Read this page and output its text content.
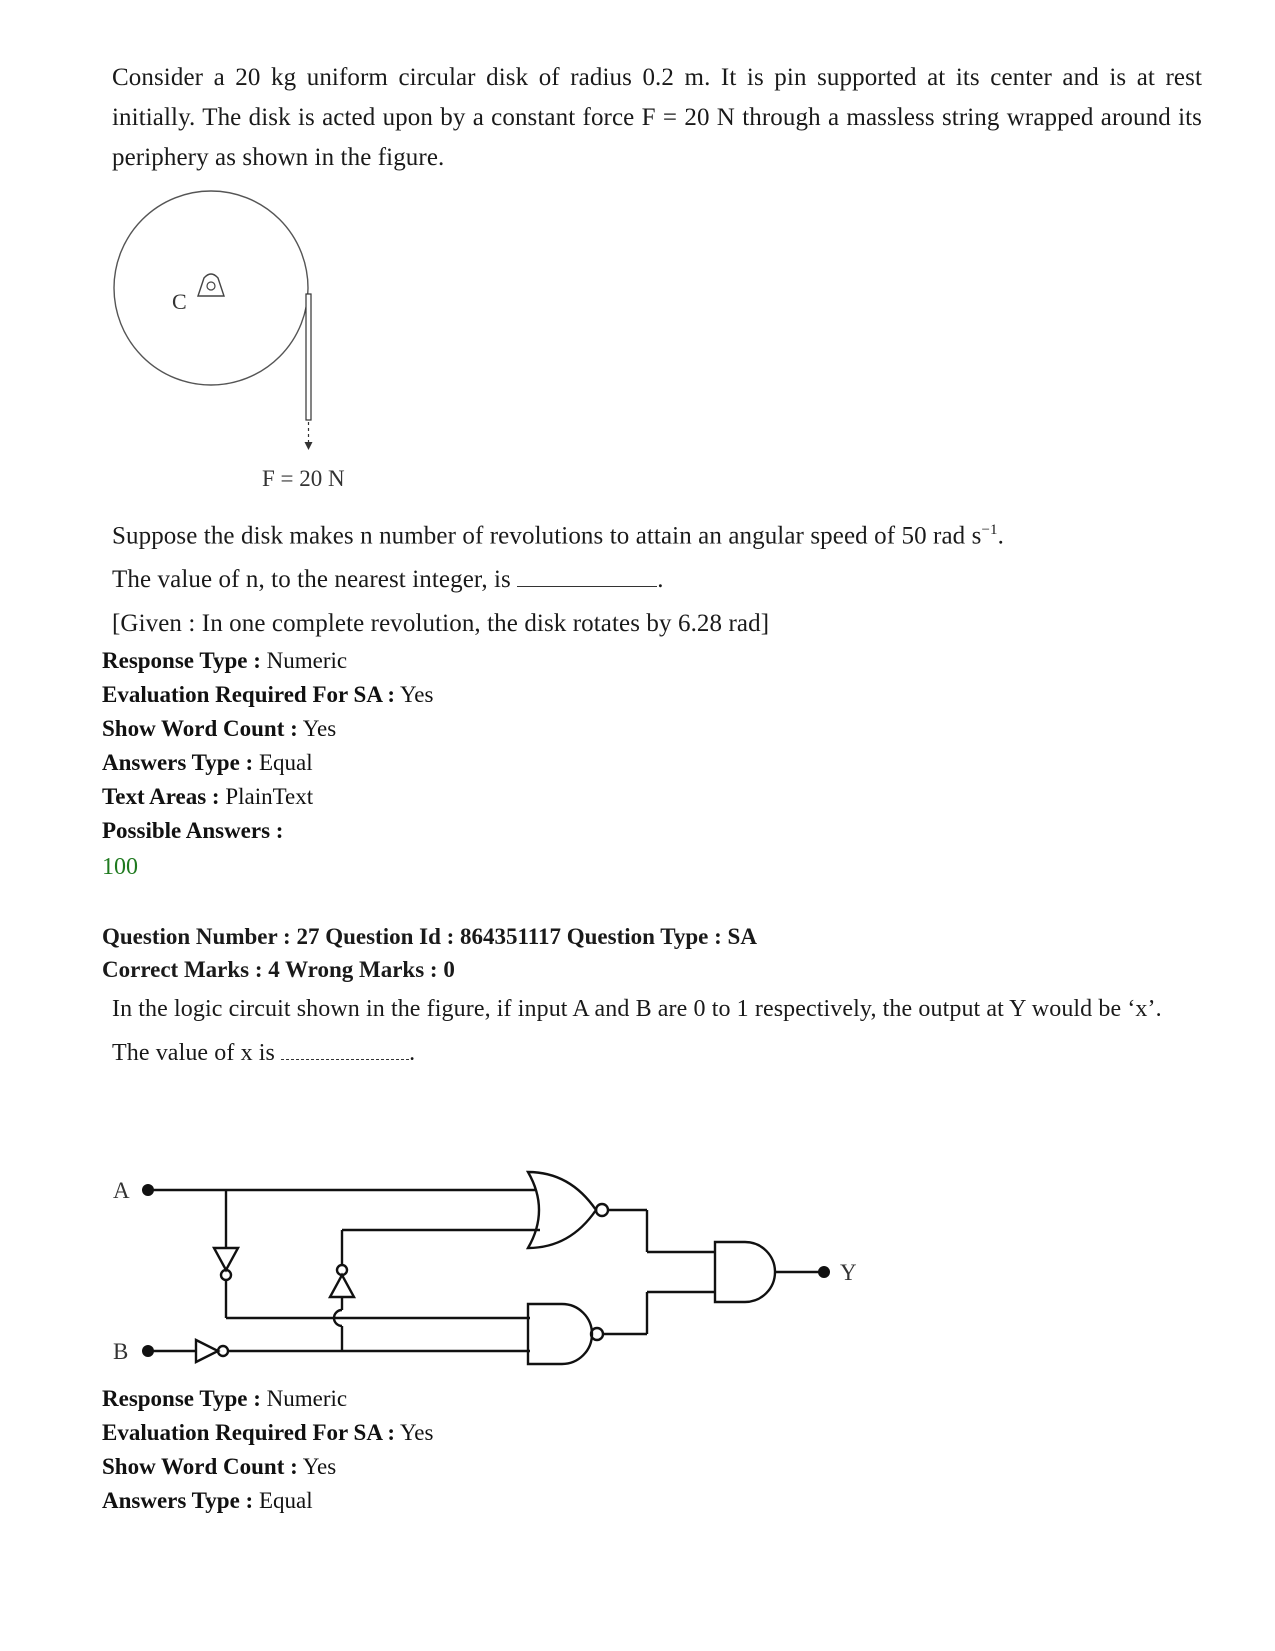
Consider a 20 kg uniform circular disk of radius 0.2 m. It is pin supported at its center and is at rest initially. The disk is acted upon by a constant force F = 20 N through a massless string wrapped around its periphery as shown in the figure.

C
F = 20 N

Suppose the disk makes n number of revolutions to attain an angular speed of 50 rad $s^{-1}$.

The value of n, to the nearest integer, is	.

[Given : In one complete revolution, the disk rotates by 6.28 rad]

Response Type : Numeric
Evaluation Required For SA : Yes
Show Word Count : Yes
Answers Type : Equal
Text Areas : PlainText
Possible Answers :
100
Question Number : 27 Question Id : 864351117 Question Type : SA
Correct Marks : 4 Wrong Marks : 0

In the logic circuit shown in the figure, if input A and B are 0 to 1 respectively, the output at Y would be ‘x’.

The value of x is	.

A
B
Y
Response Type : Numeric
Evaluation Required For SA : Yes
Show Word Count : Yes
Answers Type : Equal
